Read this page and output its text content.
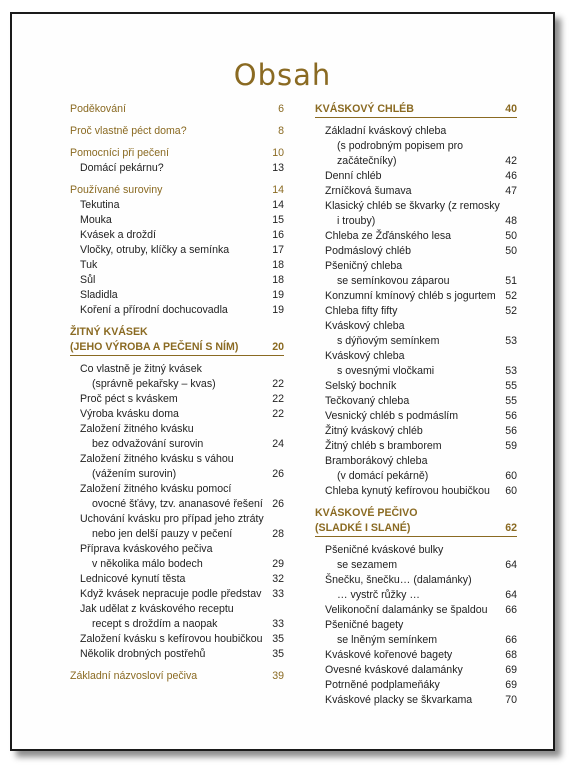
Obsah
Poděkování	6
Proč vlastně péct doma?	8
Pomocníci při pečení	10
Domácí pekárnu?	13
Používané suroviny	14
Tekutina	14
Mouka	15
Kvásek a droždí	16
Vločky, otruby, klíčky a semínka	17
Tuk	18
Sůl	18
Sladidla	19
Koření a přírodní dochucovadla	19
ŽITNÝ KVÁSEK
(JEHO VÝROBA A PEČENÍ S NÍM)	20
Co vlastně je žitný kvásek
(správně pekařsky – kvas)	22
Proč péct s kváskem	22
Výroba kvásku doma	22
Založení žitného kvásku
bez odvažování surovin	24
Založení žitného kvásku s váhou
(vážením surovin)	26
Založení žitného kvásku pomocí
ovocné šťávy, tzv. ananasové řešení 26
Uchování kvásku pro případ jeho ztráty
nebo jen delší pauzy v pečení	28
Příprava kváskového pečiva
v několika málo bodech	29
Lednicové kynutí těsta	32
Když kvásek nepracuje podle představ	33
Jak udělat z kváskového receptu
recept s droždím a naopak	33
Založení kvásku s kefírovou houbičkou 35
Několik drobných postřehů	35
Základní názvosloví pečiva	39
KVÁSKOVÝ CHLÉB	40
Základní kváskový chleba
(s podrobným popisem pro
začátečníky)	42
Denní chléb	46
Zrníčková šumava	47
Klasický chléb se škvarky (z remosky
i trouby)	48
Chleba ze Žďánského lesa	50
Podmáslový chléb	50
Pšeničný chleba
se semínkovou záparou	51
Konzumní kmínový chléb s jogurtem 52
Chleba fifty fifty	52
Kváskový chleba
s dýňovým semínkem	53
Kváskový chleba
s ovesnými vločkami	53
Selský bochník	55
Tečkovaný chleba	55
Vesnický chléb s podmáslím	56
Žitný kváskový chléb	56
Žitný chléb s bramborem	59
Bramborákový chleba
(v domácí pekárně)	60
Chleba kynutý kefírovou houbičkou	60
KVÁSKOVÉ PEČIVO
(SLADKÉ I SLANÉ)	62
Pšeničné kváskové bulky
se sezamem	64
Šnečku, šnečku… (dalamánky)
… vystrč růžky …	64
Velikonoční dalamánky se špaldou	66
Pšeničné bagety
se lněným semínkem	66
Kváskové kořenové bagety	68
Ovesné kváskové dalamánky	69
Potrněné podplameňáky	69
Kváskové placky se škvarkama	70
